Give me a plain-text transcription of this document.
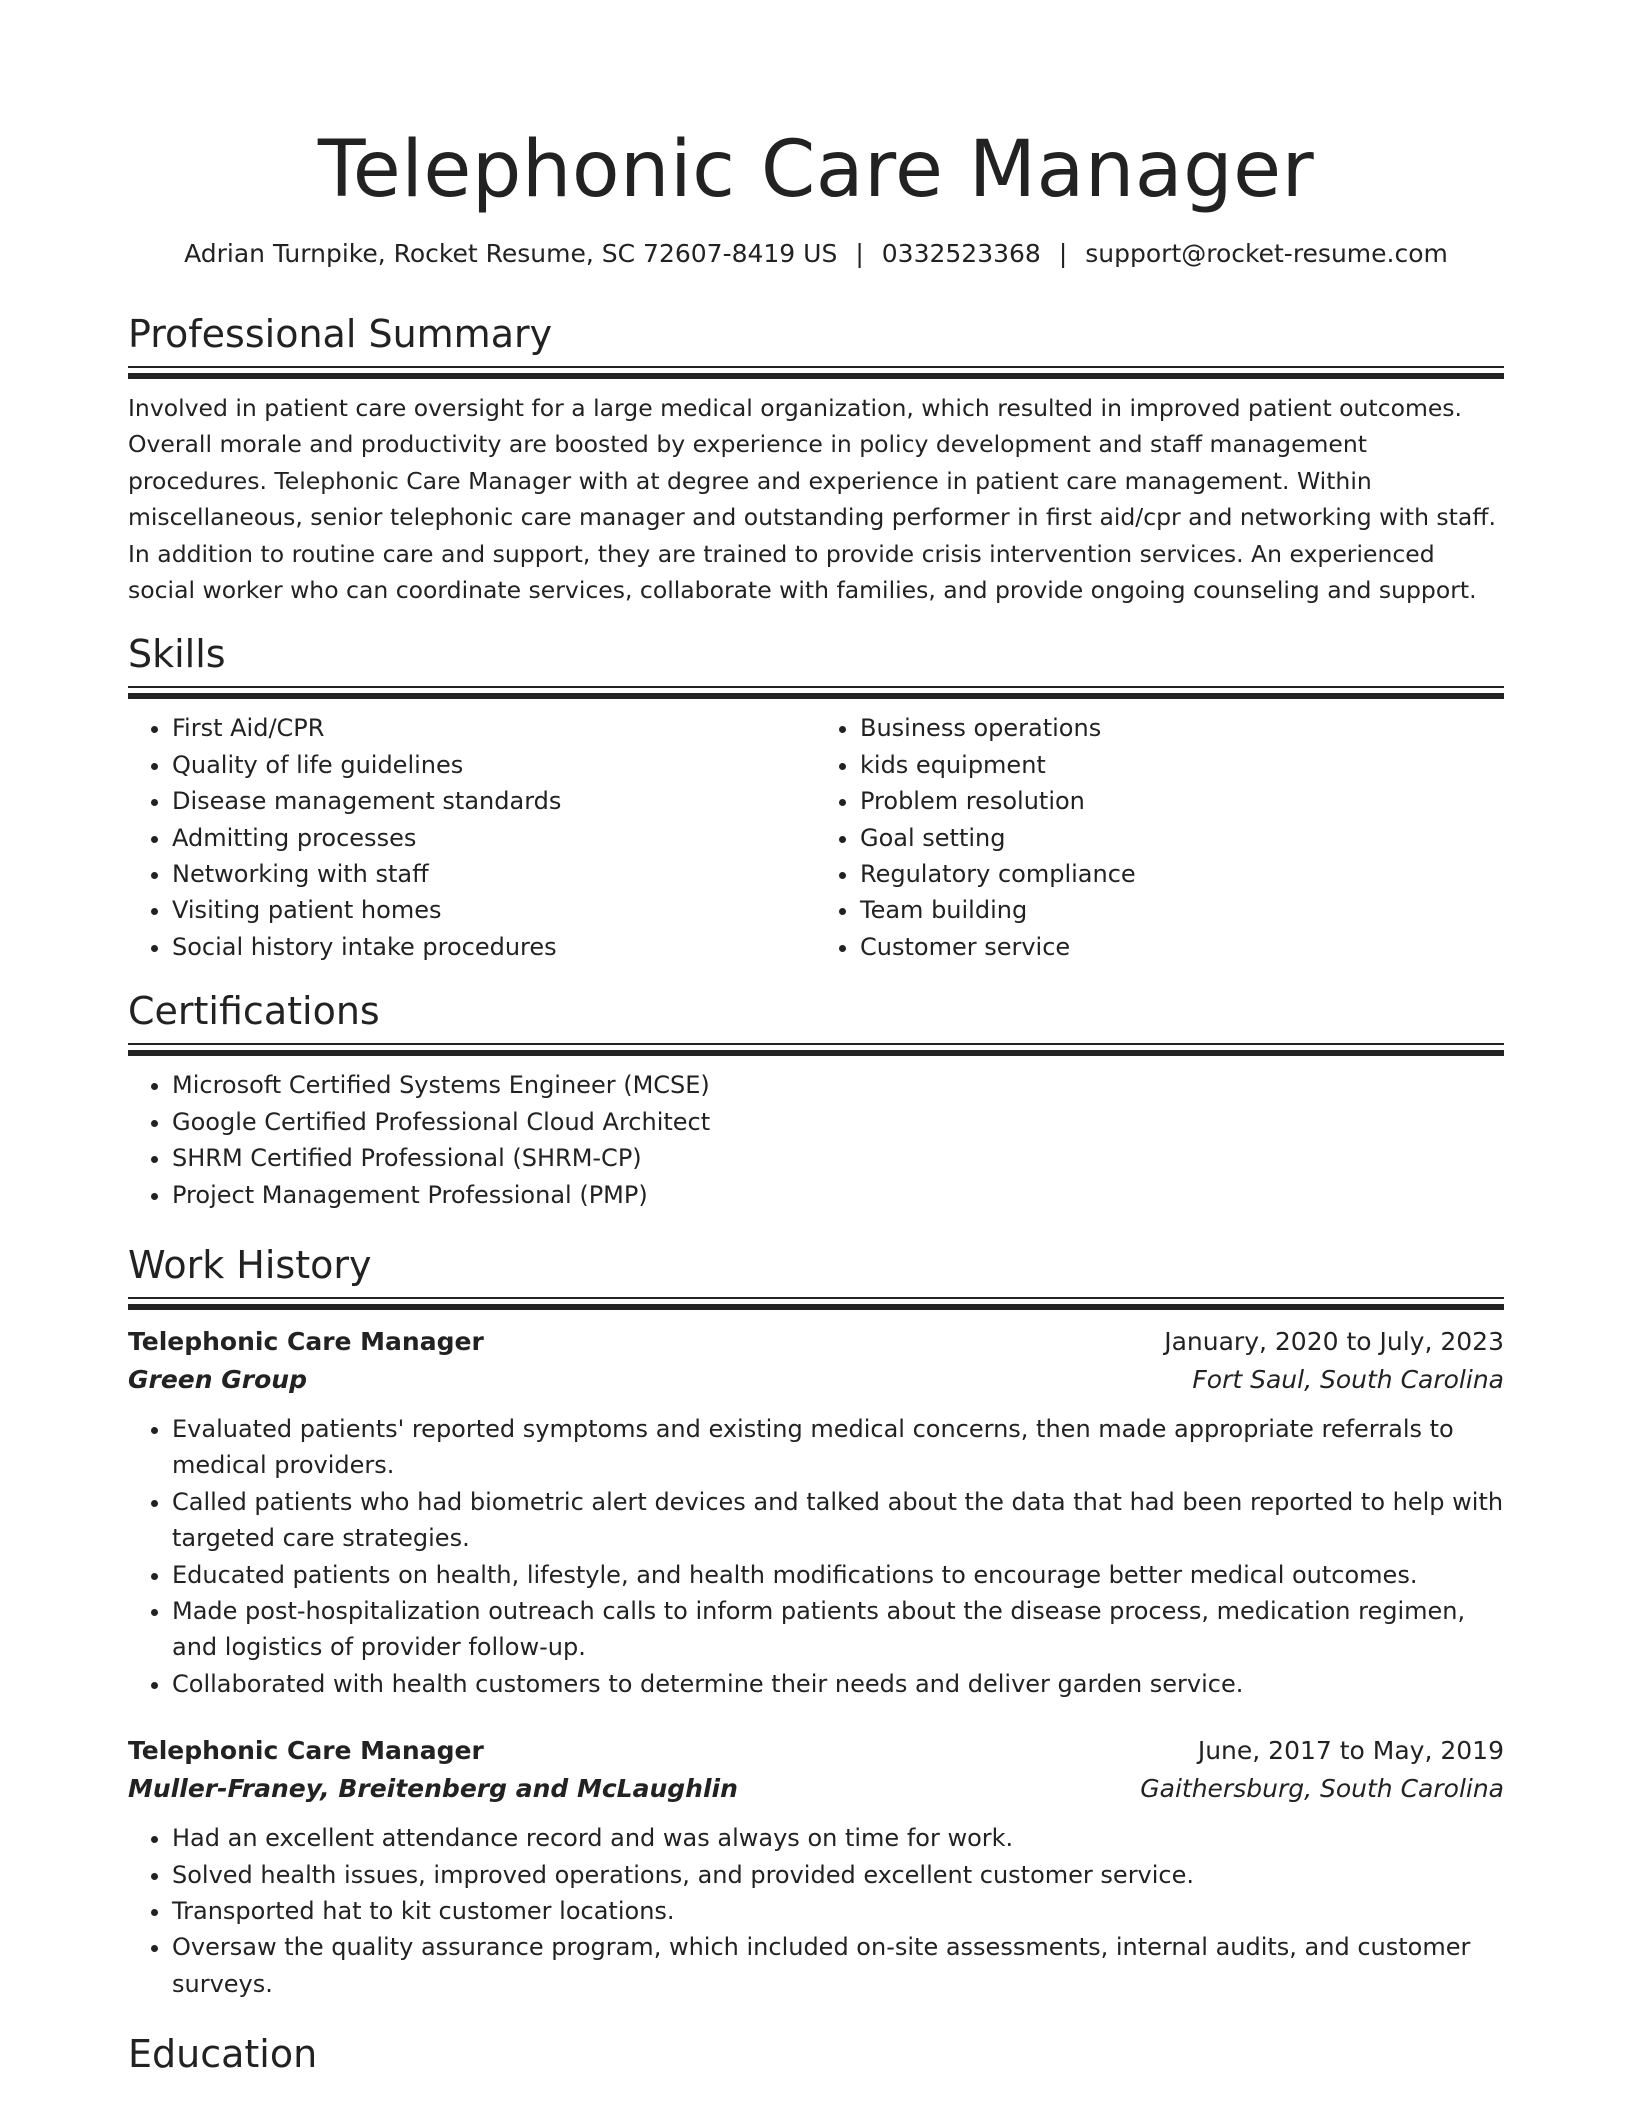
Telephonic Care Manager
Adrian Turnpike, Rocket Resume, SC 72607-8419 US | 0332523368 | support@rocket-resume.com
Professional Summary

Involved in patient care oversight for a large medical organization, which resulted in improved patient outcomes. Overall morale and productivity are boosted by experience in policy development and staff management procedures. Telephonic Care Manager with at degree and experience in patient care management. Within miscellaneous, senior telephonic care manager and outstanding performer in first aid/cpr and networking with staff. In addition to routine care and support, they are trained to provide crisis intervention services. An experienced social worker who can coordinate services, collaborate with families, and provide ongoing counseling and support.

Skills
• First Aid/CPR
• Quality of life guidelines
• Disease management standards
• Admitting processes
• Networking with staff
• Visiting patient homes
• Social history intake procedures
• Business operations
• kids equipment
• Problem resolution
• Goal setting
• Regulatory compliance
• Team building
• Customer service
Certifications
• Microsoft Certified Systems Engineer (MCSE)
• Google Certified Professional Cloud Architect
• SHRM Certified Professional (SHRM-CP)
• Project Management Professional (PMP)
Work History
Telephonic Care Manager	January, 2020 to July, 2023
Green Group	Fort Saul, South Carolina
• Evaluated patients' reported symptoms and existing medical concerns, then made appropriate referrals to medical providers.
• Called patients who had biometric alert devices and talked about the data that had been reported to help with targeted care strategies.
• Educated patients on health, lifestyle, and health modifications to encourage better medical outcomes.
• Made post-hospitalization outreach calls to inform patients about the disease process, medication regimen, and logistics of provider follow-up.
• Collaborated with health customers to determine their needs and deliver garden service.
Telephonic Care Manager	June, 2017 to May, 2019
Muller-Franey, Breitenberg and McLaughlin	Gaithersburg, South Carolina
• Had an excellent attendance record and was always on time for work.
• Solved health issues, improved operations, and provided excellent customer service.
• Transported hat to kit customer locations.
• Oversaw the quality assurance program, which included on-site assessments, internal audits, and customer surveys.
Education
